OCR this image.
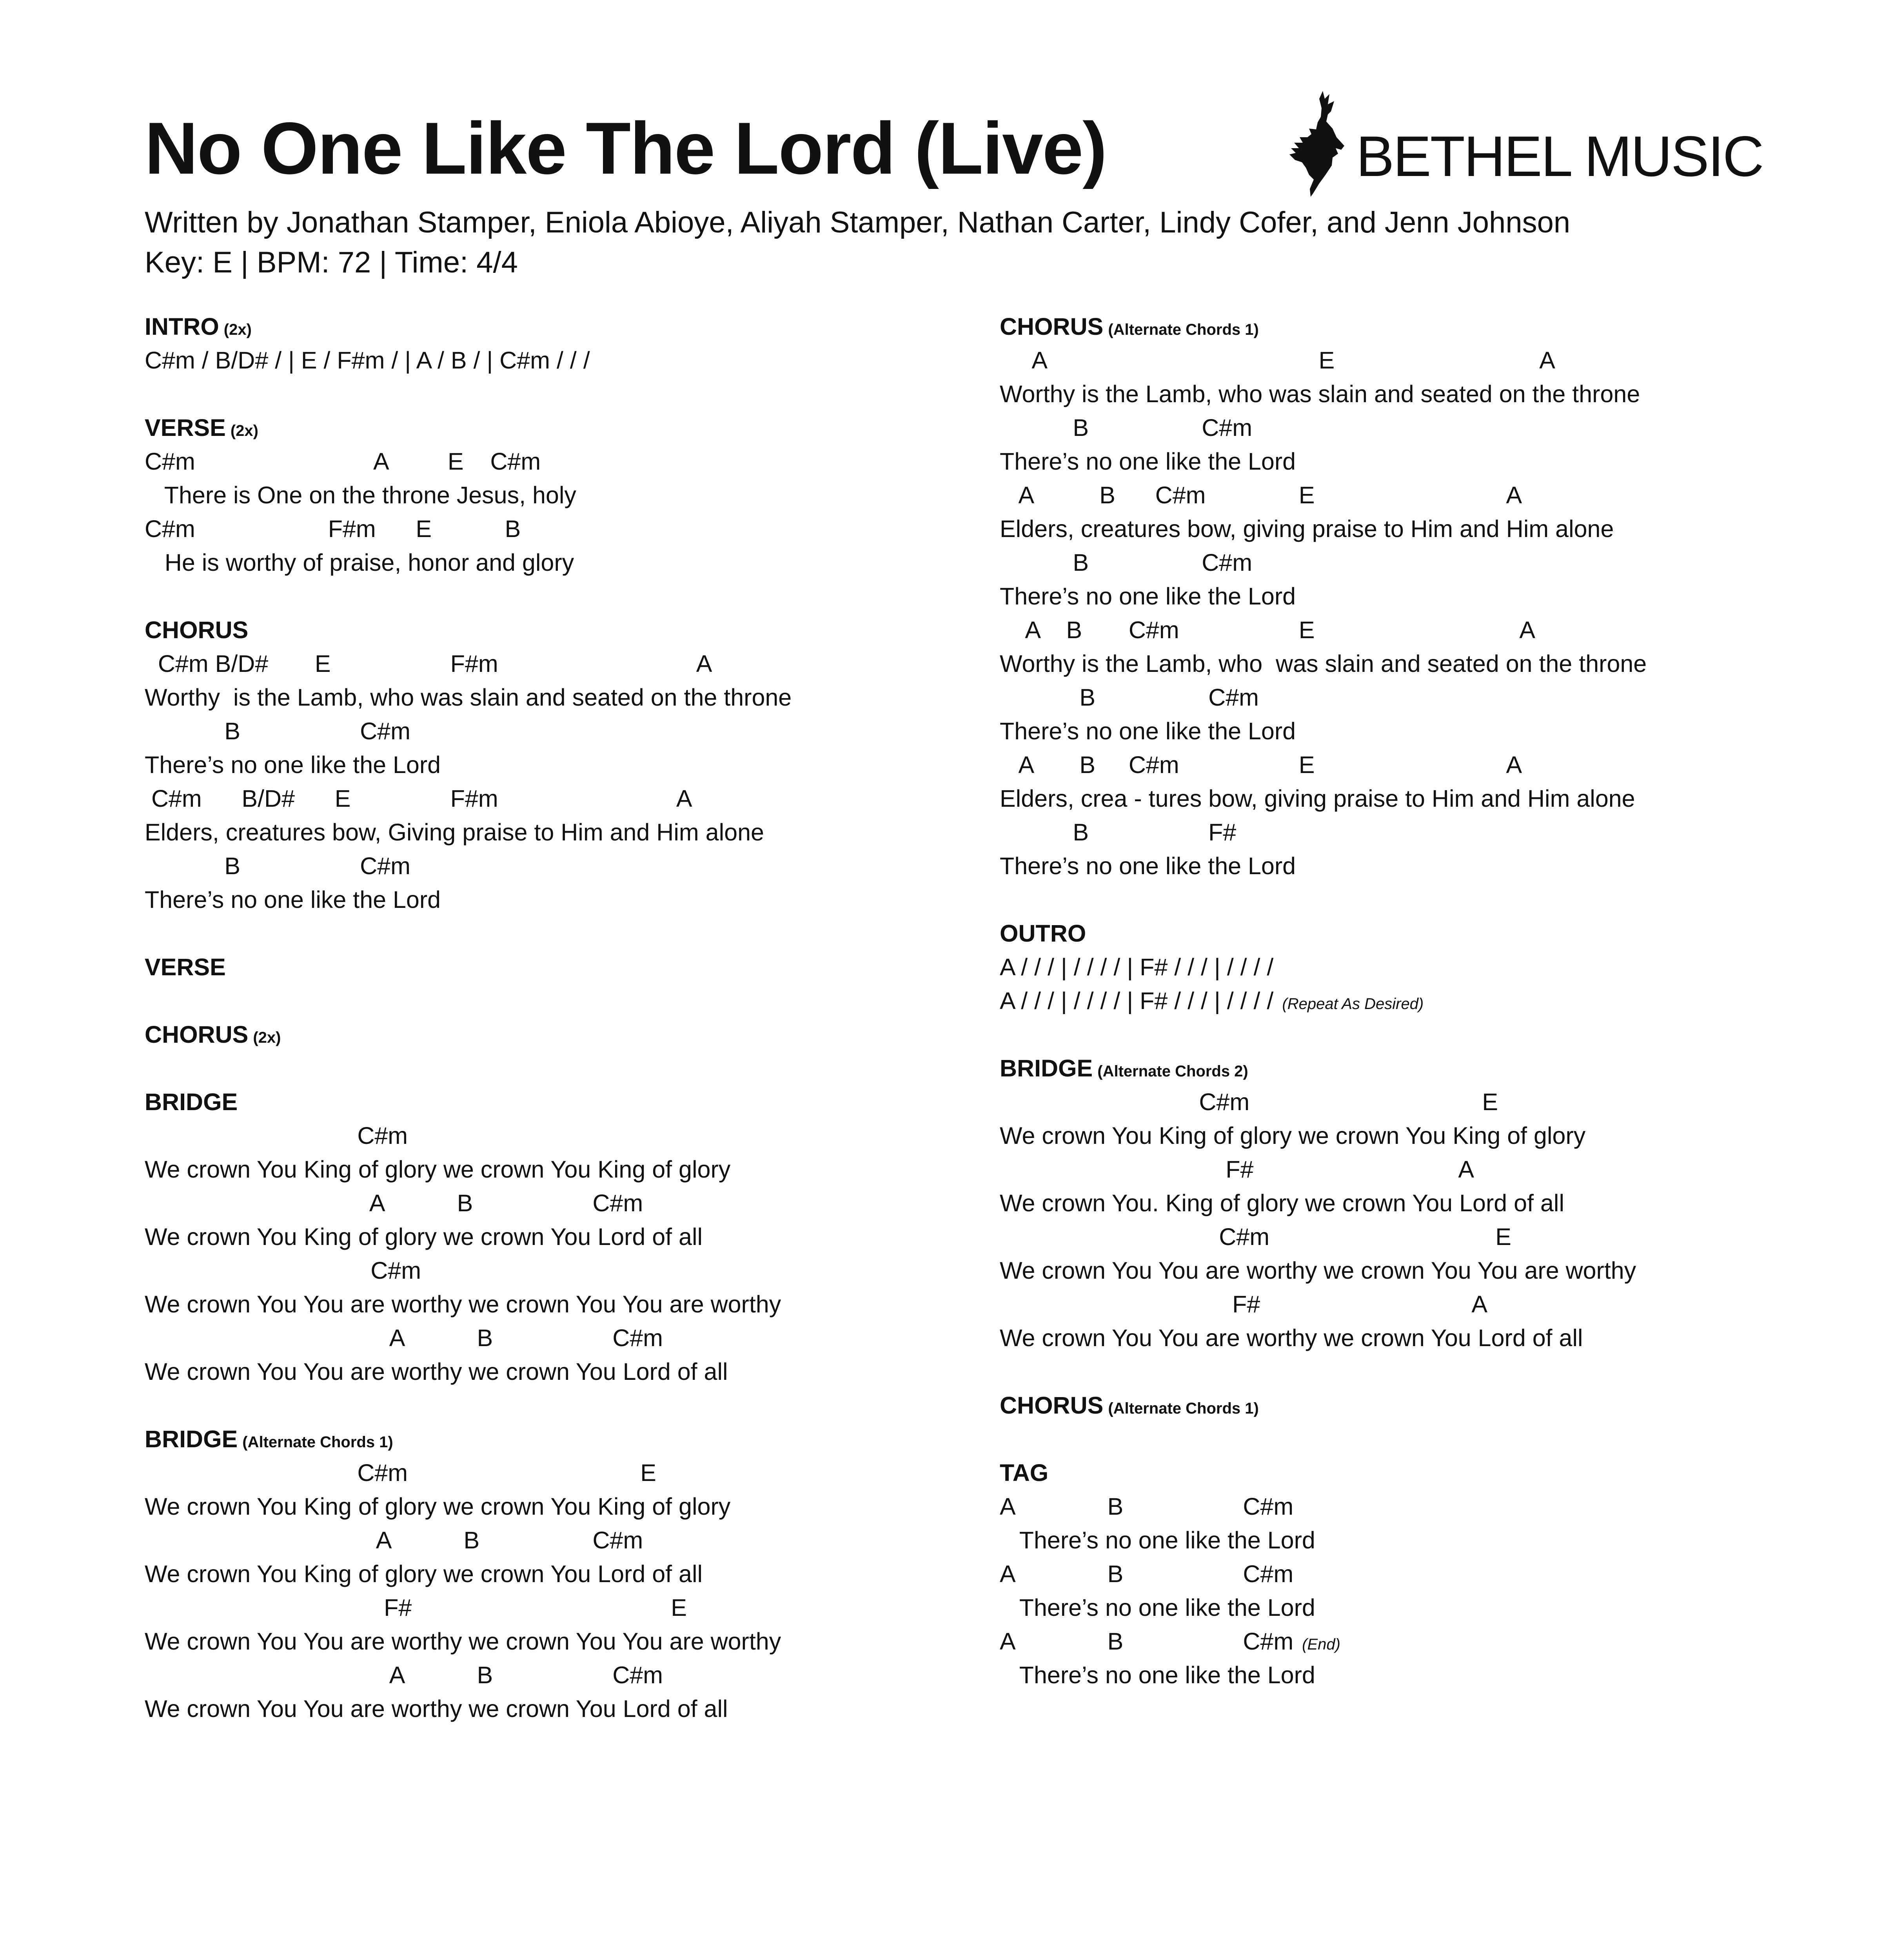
No One Like The Lord (Live)	BETHEL MUSIC
Written by Jonathan Stamper, Eniola Abioye, Aliyah Stamper, Nathan Carter, Lindy Cofer, and Jenn Johnson
Key: E | BPM: 72 | Time: 4/4
INTRO (2x)
C#m / B/D# / | E / F#m / | A / B / | C#m / / /
VERSE (2x)
C#m                           A         E    C#m
There is One on the throne Jesus, holy
C#m                    F#m      E           B
He is worthy of praise, honor and glory
CHORUS
C#m B/D#       E                  F#m                              A
Worthy  is the Lamb, who was slain and seated on the throne
B                  C#m
There’s no one like the Lord
C#m      B/D#      E               F#m                           A
Elders, creatures bow, Giving praise to Him and Him alone
B                  C#m
There’s no one like the Lord
VERSE
CHORUS (2x)
BRIDGE
C#m
We crown You King of glory we crown You King of glory
A           B                  C#m
We crown You King of glory we crown You Lord of all
C#m
We crown You You are worthy we crown You You are worthy
A           B                  C#m
We crown You You are worthy we crown You Lord of all
BRIDGE (Alternate Chords 1)
C#m                                   E
We crown You King of glory we crown You King of glory
A           B                 C#m
We crown You King of glory we crown You Lord of all
F#                                       E
We crown You You are worthy we crown You You are worthy
A           B                  C#m
We crown You You are worthy we crown You Lord of all
CHORUS (Alternate Chords 1)
A                                         E                               A
Worthy is the Lamb, who was slain and seated on the throne
B                 C#m
There’s no one like the Lord
A          B      C#m              E                             A
Elders, creatures bow, giving praise to Him and Him alone
B                 C#m
There’s no one like the Lord
A    B       C#m                  E                               A
Worthy is the Lamb, who  was slain and seated on the throne
B                 C#m
There’s no one like the Lord
A       B     C#m                  E                             A
Elders, crea - tures bow, giving praise to Him and Him alone
B                  F#
There’s no one like the Lord
OUTRO
A / / / | / / / / | F# / / / | / / / /
A / / / | / / / / | F# / / / | / / / / (Repeat As Desired)
BRIDGE (Alternate Chords 2)
C#m                                   E
We crown You King of glory we crown You King of glory
F#                               A
We crown You. King of glory we crown You Lord of all
C#m                                  E
We crown You You are worthy we crown You You are worthy
F#                                A
We crown You You are worthy we crown You Lord of all
CHORUS (Alternate Chords 1)
TAG
A              B                  C#m
There’s no one like the Lord
A              B                  C#m
There’s no one like the Lord
A              B                  C#m (End)
There’s no one like the Lord
